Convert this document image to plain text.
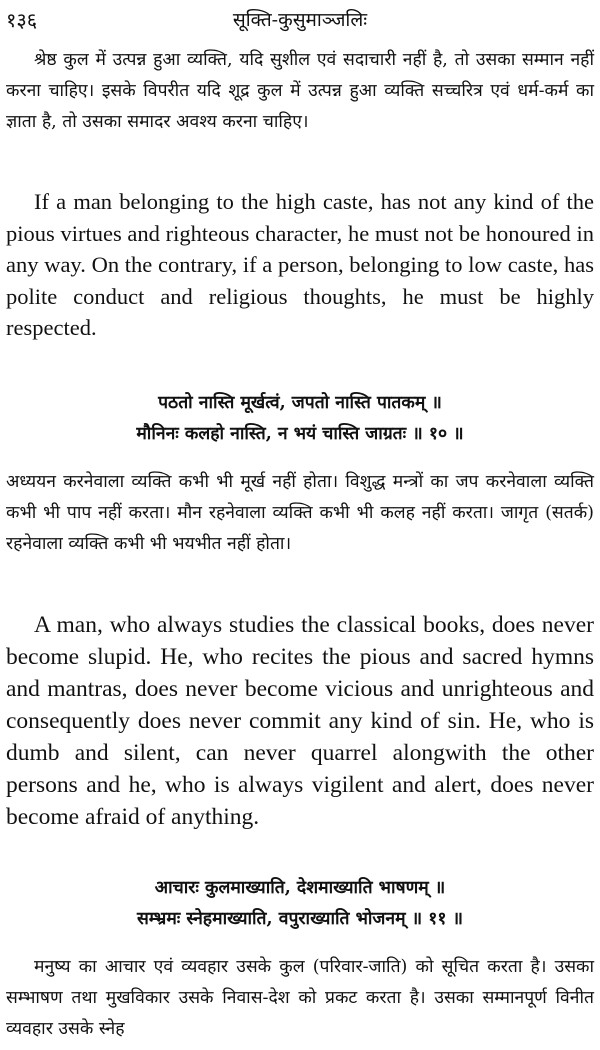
१३६	सूक्ति-कुसुमाञ्जलिः

श्रेष्ठ कुल में उत्पन्न हुआ व्यक्ति, यदि सुशील एवं सदाचारी नहीं है, तो उसका सम्मान नहीं करना चाहिए। इसके विपरीत यदि शूद्र कुल में उत्पन्न हुआ व्यक्ति सच्चरित्र एवं धर्म-कर्म का ज्ञाता है, तो उसका समादर अवश्य करना चाहिए।

If a man belonging to the high caste, has not any kind of the pious virtues and righteous character, he must not be honoured in any way. On the contrary, if a person, belonging to low caste, has polite conduct and religious thoughts, he must be highly respected.

पठतो नास्ति मूर्खत्वं, जपतो नास्ति पातकम् ॥
मौनिनः कलहो नास्ति, न भयं चास्ति जाग्रतः ॥ १० ॥

अध्ययन करनेवाला व्यक्ति कभी भी मूर्ख नहीं होता। विशुद्ध मन्त्रों का जप करनेवाला व्यक्ति कभी भी पाप नहीं करता। मौन रहनेवाला व्यक्ति कभी भी कलह नहीं करता। जागृत (सतर्क) रहनेवाला व्यक्ति कभी भी भयभीत नहीं होता।

A man, who always studies the classical books, does never become slupid. He, who recites the pious and sacred hymns and mantras, does never become vicious and unrighteous and consequently does never commit any kind of sin. He, who is dumb and silent, can never quarrel alongwith the other persons and he, who is always vigilent and alert, does never become afraid of anything.

आचारः कुलमाख्याति, देशमाख्याति भाषणम् ॥
सम्भ्रमः स्नेहमाख्याति, वपुराख्याति भोजनम् ॥ ११ ॥

मनुष्य का आचार एवं व्यवहार उसके कुल (परिवार-जाति) को सूचित करता है। उसका सम्भाषण तथा मुखविकार उसके निवास-देश को प्रकट करता है। उसका सम्मानपूर्ण विनीत व्यवहार उसके स्नेह
